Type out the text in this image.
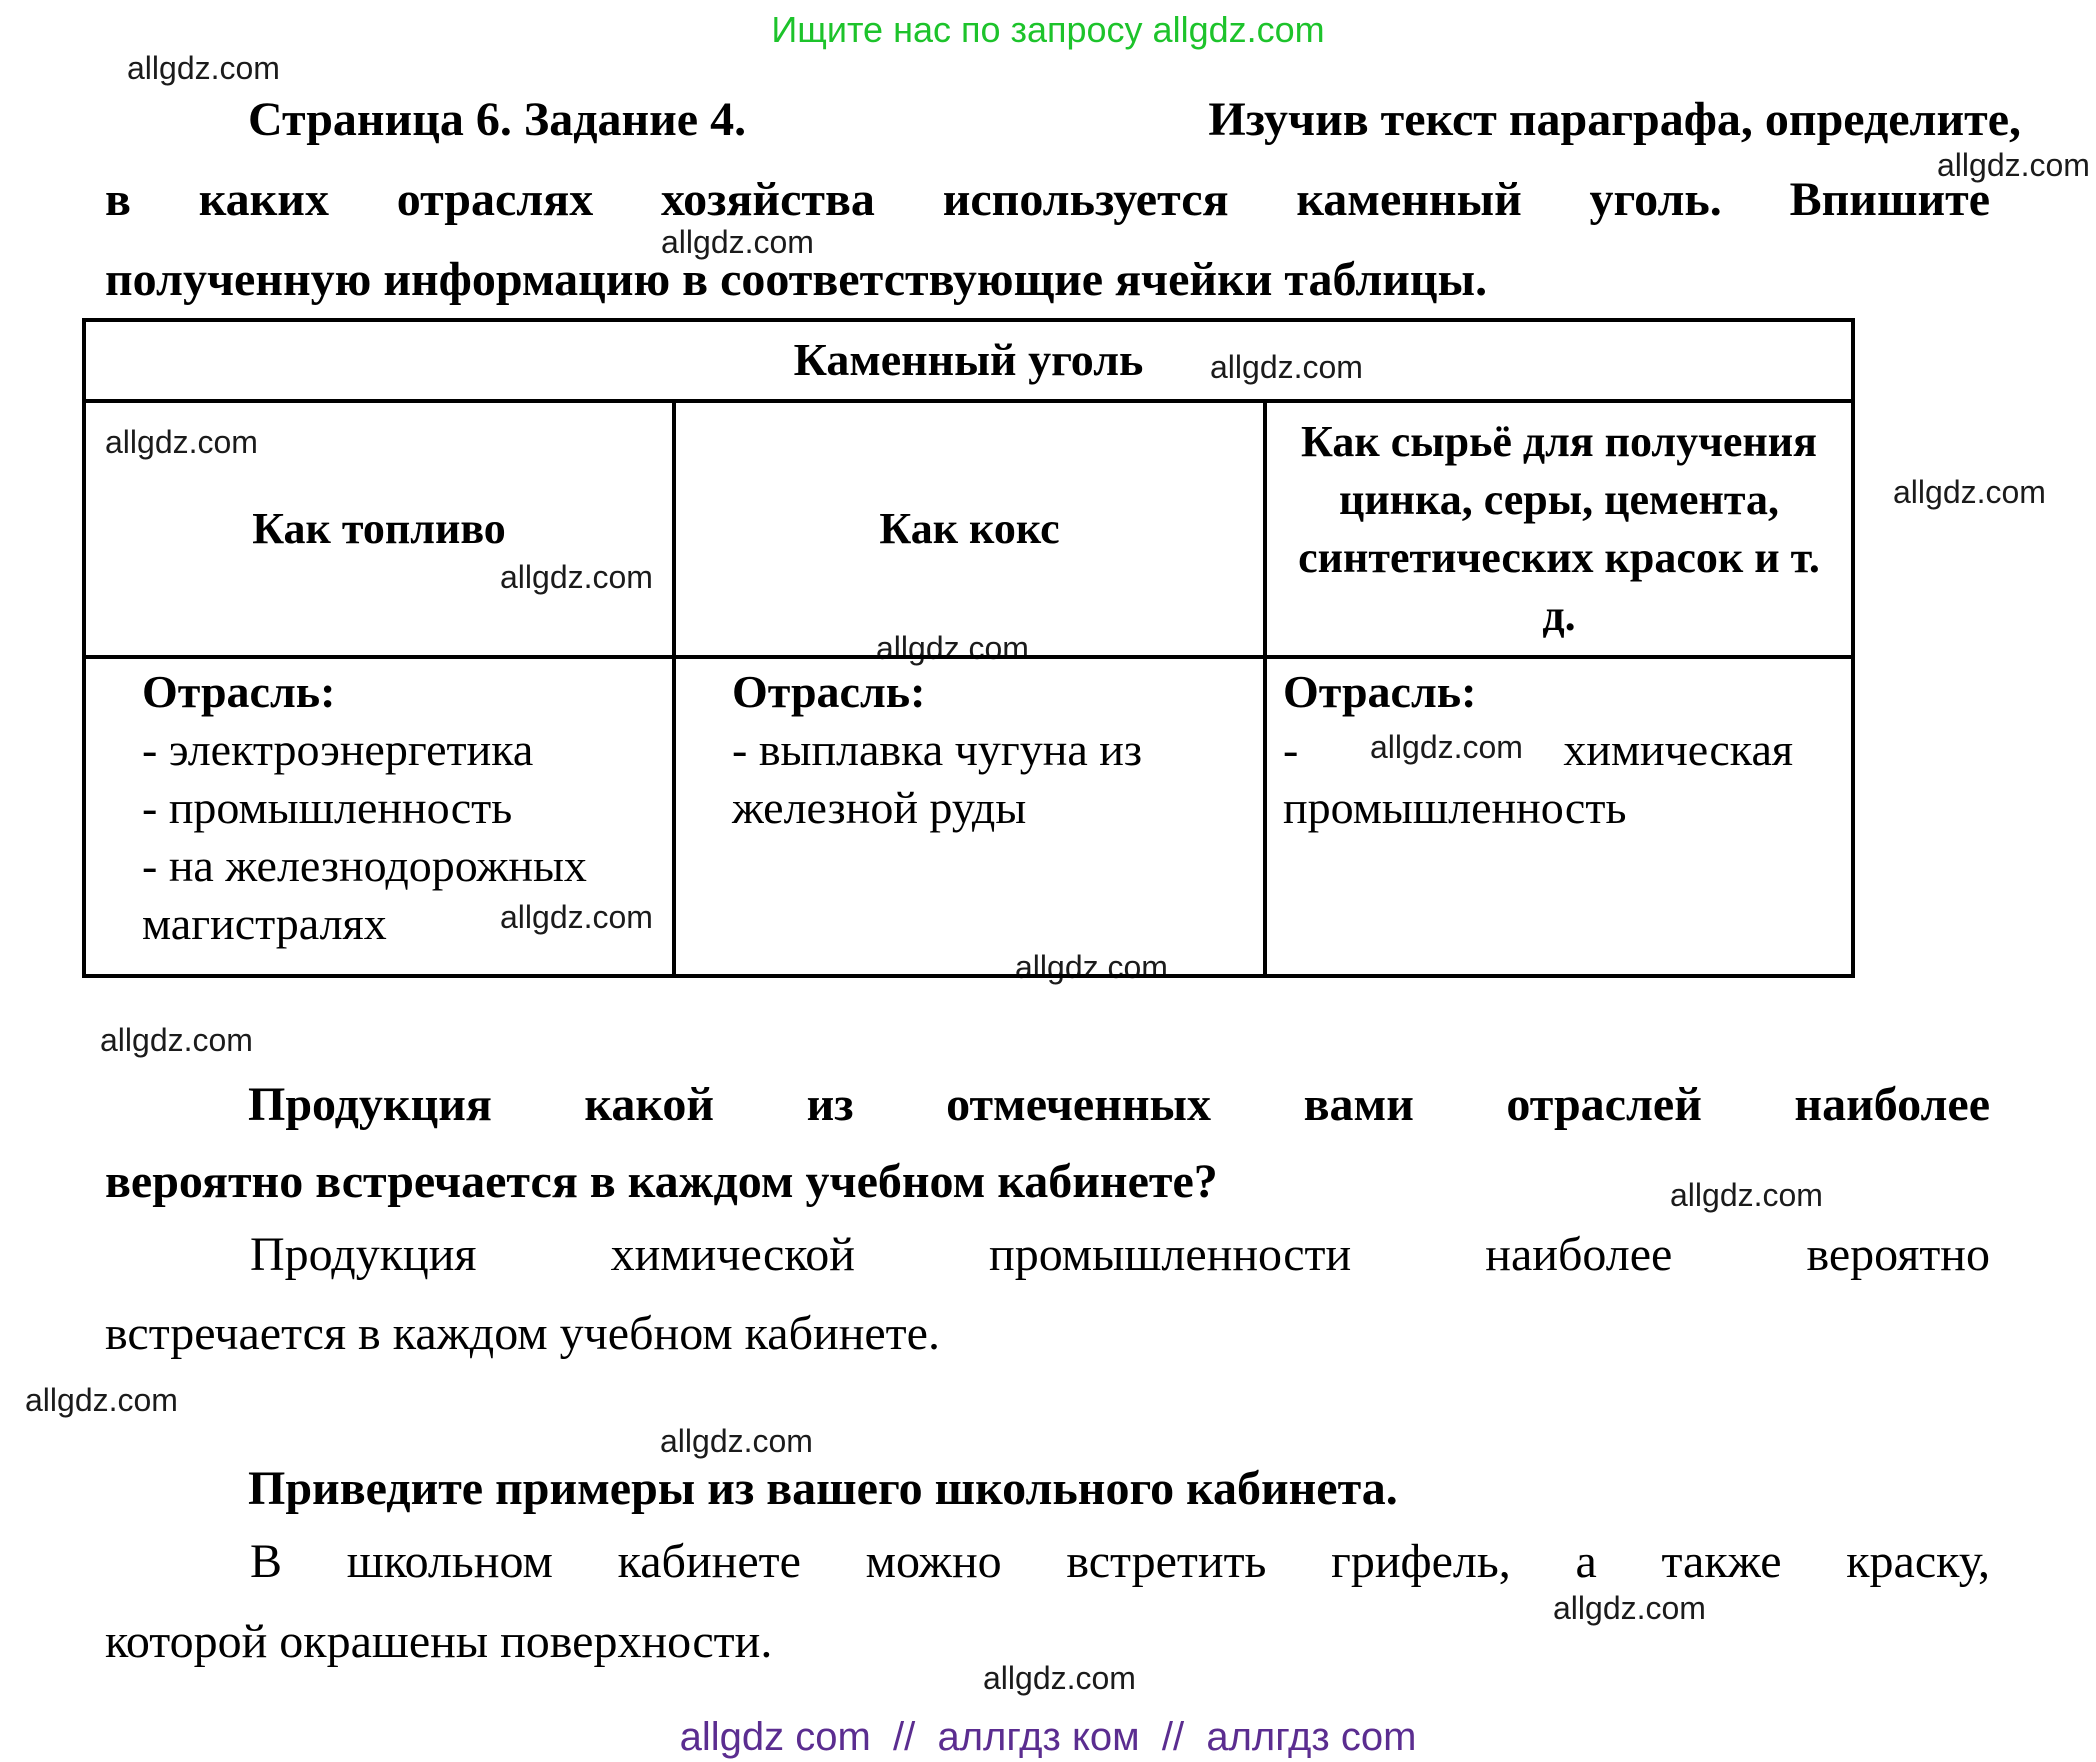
Ищите нас по запросу allgdz.com
allgdz.com
allgdz.com
allgdz.com
allgdz.com
allgdz.com
allgdz.com
allgdz.com
allgdz.com
allgdz.com
allgdz.com
allgdz.com
allgdz.com
allgdz.com
allgdz.com
allgdz.com
allgdz.com
allgdz.com
Страница 6. Задание 4.	Изучив текст параграфа, определите,
в каких отраслях хозяйства используется каменный уголь. Впишите
полученную информацию в соответствующие ячейки таблицы.
Каменный уголь
Как топливо
Отрасль:
- электроэнергетика
- промышленность
- на железнодорожных магистралях
Как кокс
Отрасль:
- выплавка чугуна из железной руды
Как сырьё для получения цинка, серы, цемента, синтетических красок и т. д.
Отрасль:
-	химическая
промышленность
Продукция какой из отмеченных вами отраслей наиболее
вероятно встречается в каждом учебном кабинете?
Продукция химической промышленности наиболее вероятно
встречается в каждом учебном кабинете.
Приведите примеры из вашего школьного кабинета.
В школьном кабинете можно встретить грифель, а также краску,
которой окрашены поверхности.
allgdz com  //  аллгдз ком  //  аллгдз com
